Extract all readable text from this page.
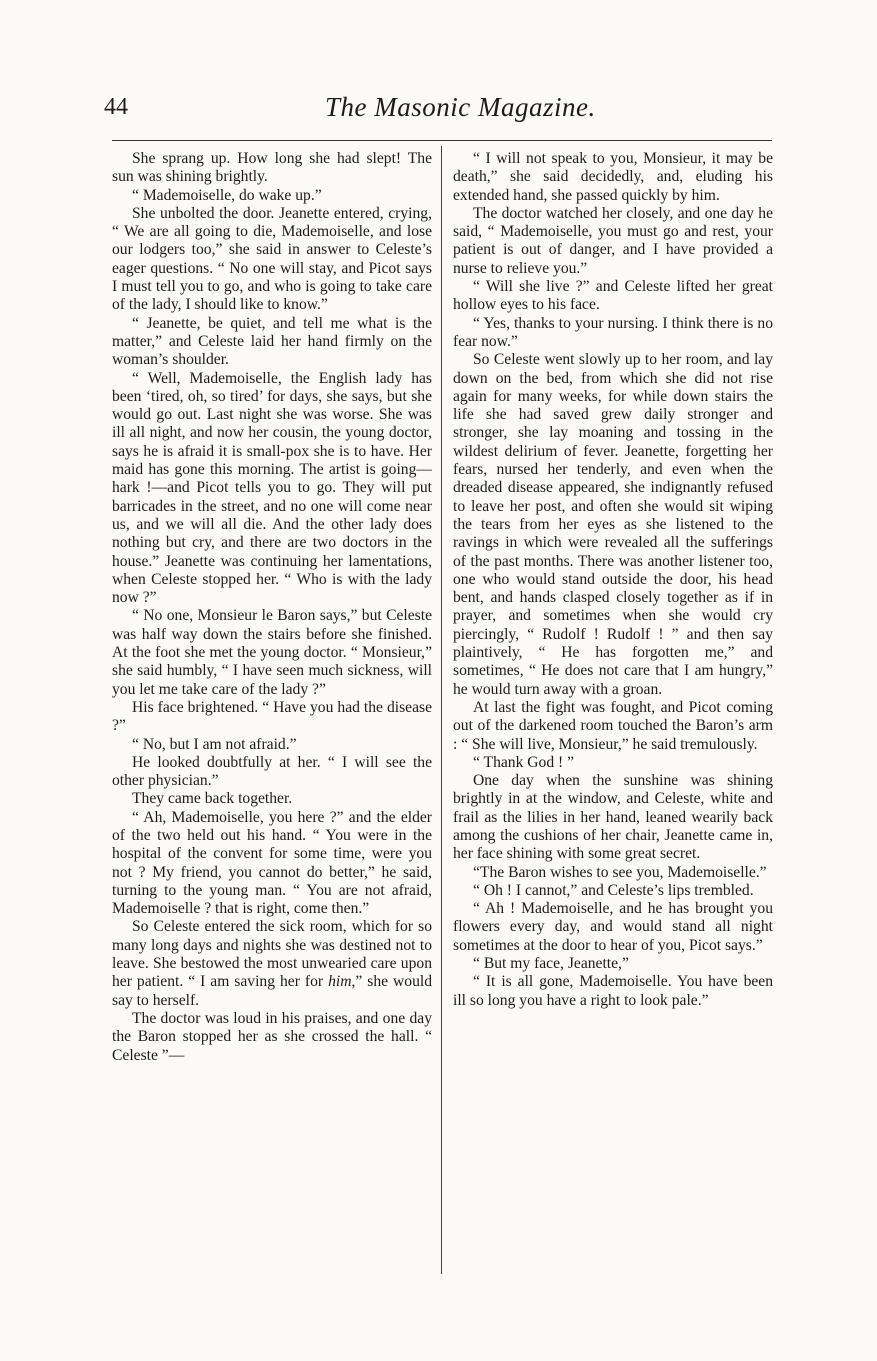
44	The Masonic Magazine.

She sprang up. How long she had slept! The sun was shining brightly.

“ Mademoiselle, do wake up.”

She unbolted the door. Jeanette entered, crying, “ We are all going to die, Mademoiselle, and lose our lodgers too,” she said in answer to Celeste’s eager questions. “ No one will stay, and Picot says I must tell you to go, and who is going to take care of the lady, I should like to know.”

“ Jeanette, be quiet, and tell me what is the matter,” and Celeste laid her hand firmly on the woman’s shoulder.

“ Well, Mademoiselle, the English lady has been ‘tired, oh, so tired’ for days, she says, but she would go out. Last night she was worse. She was ill all night, and now her cousin, the young doctor, says he is afraid it is small-pox she is to have. Her maid has gone this morning. The artist is going—hark !—and Picot tells you to go. They will put barricades in the street, and no one will come near us, and we will all die. And the other lady does nothing but cry, and there are two doctors in the house.” Jeanette was continuing her lamentations, when Celeste stopped her. “ Who is with the lady now ?”

“ No one, Monsieur le Baron says,” but Celeste was half way down the stairs before she finished. At the foot she met the young doctor. “ Monsieur,” she said humbly, “ I have seen much sickness, will you let me take care of the lady ?”

His face brightened. “ Have you had the disease ?”

“ No, but I am not afraid.”

He looked doubtfully at her. “ I will see the other physician.”

They came back together.

“ Ah, Mademoiselle, you here ?” and the elder of the two held out his hand. “ You were in the hospital of the convent for some time, were you not ? My friend, you cannot do better,” he said, turning to the young man. “ You are not afraid, Mademoiselle ? that is right, come then.”

So Celeste entered the sick room, which for so many long days and nights she was destined not to leave. She bestowed the most unwearied care upon her patient. “ I am saving her for him,” she would say to herself.

The doctor was loud in his praises, and one day the Baron stopped her as she crossed the hall. “ Celeste ”—

“ I will not speak to you, Monsieur, it may be death,” she said decidedly, and, eluding his extended hand, she passed quickly by him.

The doctor watched her closely, and one day he said, “ Mademoiselle, you must go and rest, your patient is out of danger, and I have provided a nurse to relieve you.”

“ Will she live ?” and Celeste lifted her great hollow eyes to his face.

“ Yes, thanks to your nursing. I think there is no fear now.”

So Celeste went slowly up to her room, and lay down on the bed, from which she did not rise again for many weeks, for while down stairs the life she had saved grew daily stronger and stronger, she lay moaning and tossing in the wildest delirium of fever. Jeanette, forgetting her fears, nursed her tenderly, and even when the dreaded disease appeared, she indignantly refused to leave her post, and often she would sit wiping the tears from her eyes as she listened to the ravings in which were revealed all the sufferings of the past months. There was another listener too, one who would stand outside the door, his head bent, and hands clasped closely together as if in prayer, and sometimes when she would cry piercingly, “ Rudolf ! Rudolf ! ” and then say plaintively, “ He has forgotten me,” and sometimes, “ He does not care that I am hungry,” he would turn away with a groan.

At last the fight was fought, and Picot coming out of the darkened room touched the Baron’s arm : “ She will live, Monsieur,” he said tremulously.

“ Thank God ! ”

One day when the sunshine was shining brightly in at the window, and Celeste, white and frail as the lilies in her hand, leaned wearily back among the cushions of her chair, Jeanette came in, her face shining with some great secret.

“The Baron wishes to see you, Mademoiselle.”

“ Oh ! I cannot,” and Celeste’s lips trembled.

“ Ah ! Mademoiselle, and he has brought you flowers every day, and would stand all night sometimes at the door to hear of you, Picot says.”

“ But my face, Jeanette,”

“ It is all gone, Mademoiselle. You have been ill so long you have a right to look pale.”
